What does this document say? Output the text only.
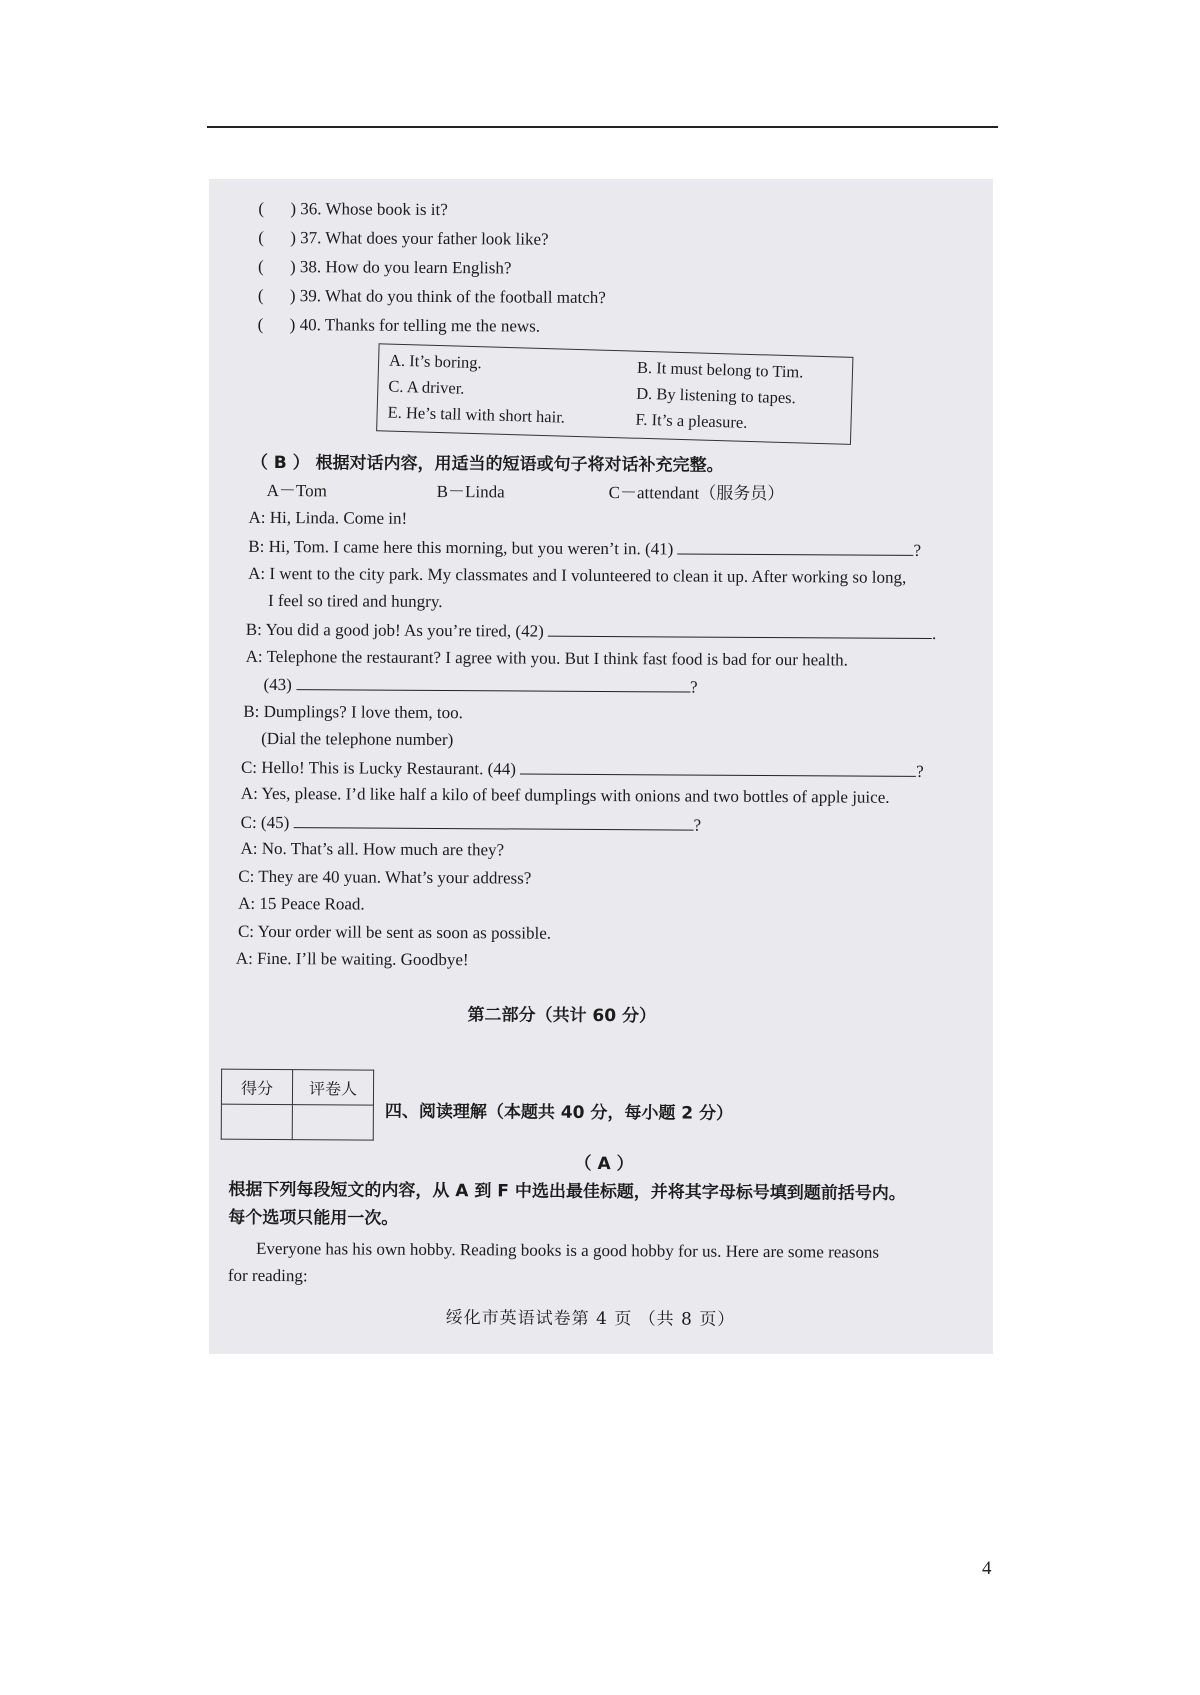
( ) 36. Whose book is it?
( ) 37. What does your father look like?
( ) 38. How do you learn English?
( ) 39. What do you think of the football match?
( ) 40. Thanks for telling me the news.
A. It’s boring.	B. It must belong to Tim.
C. A driver.	D. By listening to tapes.
E. He’s tall with short hair.	F. It’s a pleasure.
（ B ） 根据对话内容，用适当的短语或句子将对话补充完整。
A－Tom	B－Linda	C－attendant（服务员）
A: Hi, Linda. Come in!
B: Hi, Tom. I came here this morning, but you weren’t in. (41)	?
A: I went to the city park. My classmates and I volunteered to clean it up. After working so long,
I feel so tired and hungry.
B: You did a good job! As you’re tired, (42)	.
A: Telephone the restaurant? I agree with you. But I think fast food is bad for our health.
(43)	?
B: Dumplings? I love them, too.
(Dial the telephone number)
C: Hello! This is Lucky Restaurant. (44)	?
A: Yes, please. I’d like half a kilo of beef dumplings with onions and two bottles of apple juice.
C: (45)	?
A: No. That’s all. How much are they?
C: They are 40 yuan. What’s your address?
A: 15 Peace Road.
C: Your order will be sent as soon as possible.
A: Fine. I’ll be waiting. Goodbye!
第二部分（共计 60 分）
得分	评卷人

四、阅读理解（本题共 40 分，每小题 2 分）
（ A ）
根据下列每段短文的内容，从 A 到 F 中选出最佳标题，并将其字母标号填到题前括号内。
每个选项只能用一次。
Everyone has his own hobby. Reading books is a good hobby for us. Here are some reasons
for reading:
绥化市英语试卷第 4 页 （共 8 页）
4
